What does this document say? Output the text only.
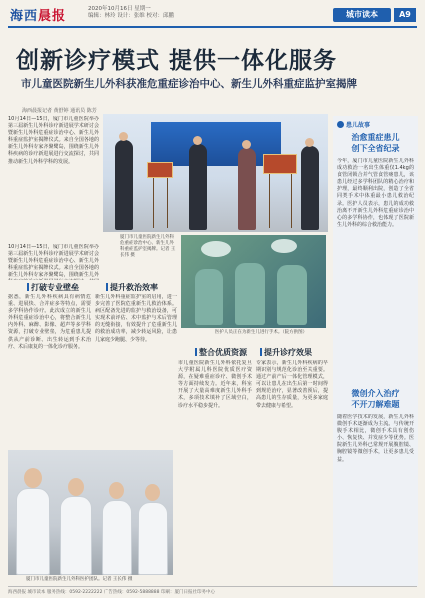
海西晨报	2020年10月16日 星期一
编辑：林玲 设计：张维 校对：邱鹏	城市读本	A9
创新诊疗模式 提供一体化服务
市儿童医院新生儿外科获准危重症诊治中心、新生儿外科重症监护室揭牌
海西晨报记者 黄舒婷 通讯员 陈芳
10月14日—15日，厦门市儿童医院举办第三届新生儿外科诊疗新进展学术研讨会暨新生儿外科危重症诊治中心、新生儿外科重症监护室揭牌仪式。来自全国各地的新生儿外科专家齐聚鹭岛，围绕新生儿外科疾病的诊疗新进展进行交流探讨，共同推动新生儿外科学科的发展。
厦门市儿童医院新生儿外科危重症诊治中心、新生儿外科重症监护室揭牌。记者 王长伟 摄
10月14日—15日，厦门市儿童医院举办第三届新生儿外科诊疗新进展学术研讨会暨新生儿外科危重症诊治中心、新生儿外科重症监护室揭牌仪式。来自全国各地的新生儿外科专家齐聚鹭岛，围绕新生儿外
打破专业壁垒
据悉，新生儿外科疾病具有病情危重、进展快、合并症多等特点，需要多学科协作诊疗。此次成立的新生儿外科危重症诊治中心，将整合新生儿内外科、麻醉、影像、超声等多学科资源，打破专业壁垒，为危重患儿提供从产前诊断、出生转运到手术治疗、术后康复的一体化诊疗服务。
提升救治效率
新生儿外科重症监护室的启用，进一步完善了医院危重新生儿救治体系。病区配备先进的监护与救治设备，可实现术前评估、术中监护与术后管理的无缝衔接，有效提升了危重新生儿的救治成功率，减少转运风险，让患儿家庭少跑腿、少等待。
医护人员正在为新生儿进行手术。（院方供图）
整合优质资源
市儿童医院新生儿外科依托复旦大学附属儿科医院优质医疗资源，在疑难重症诊疗、微创手术等方面持续发力。近年来，科室开展了大量高难度新生儿外科手术，多项技术填补了区域空白，诊疗水平稳步提升。
提升诊疗效果
专家表示，新生儿外科疾病的早期识别与规范化诊治至关重要。通过产前产后一体化管理模式，可以让患儿在出生后第一时间得到规范治疗，显著改善预后，提高患儿的生存质量，为更多家庭带去健康与希望。
厦门市儿童医院新生儿外科医护团队。记者 王长伟 摄
患儿故事
治愈重症患儿
创下全省纪录
今年，厦门市儿童医院新生儿外科成功救治一名出生体重仅1.4kg的食管闭锁合并气管食管瘘患儿，该患儿经过多学科团队的精心治疗和护理，最终顺利出院，创造了全省同类手术中体重最小患儿救治纪录。医护人员表示，患儿的成功救治离不开新生儿外科危重症诊治中心的多学科协作，也体现了医院新生儿外科的综合救治能力。
微创介入治疗
不开刀解难题
随着医学技术的发展，新生儿外科微创手术逐渐成为主流。与传统开腹手术相比，微创手术具有创伤小、恢复快、并发症少等优势。医院新生儿外科已常规开展腹腔镜、胸腔镜等微创手术，让更多患儿受益。
海西晨报 城市读本 服务热线：0592-2222222 广告热线：0592-5888888 印刷：厦门日报社印务中心
